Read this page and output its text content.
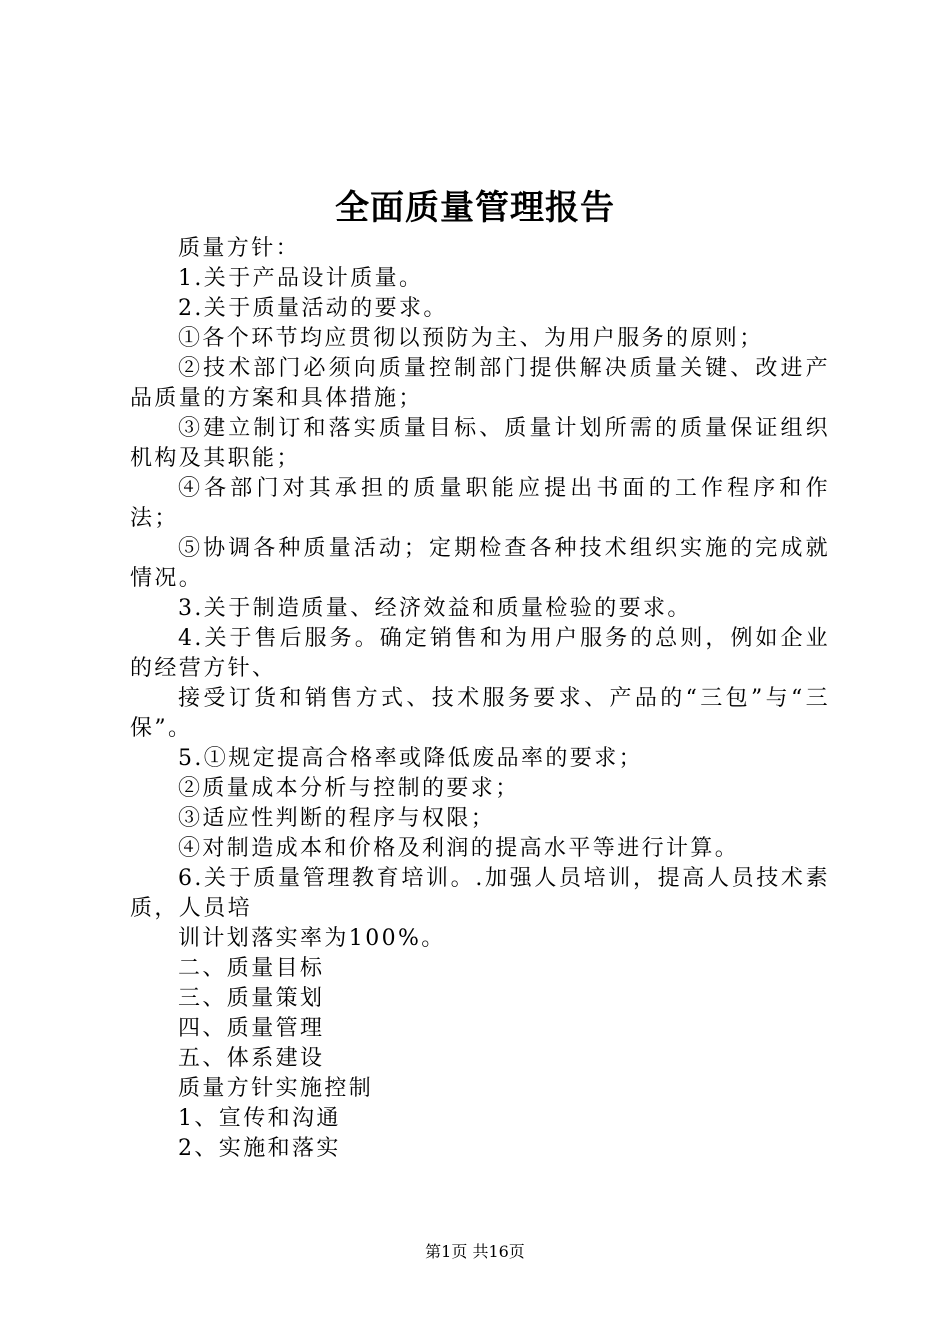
全面质量管理报告

质量方针：

1.关于产品设计质量。

2.关于质量活动的要求。

①各个环节均应贯彻以预防为主、为用户服务的原则；

②技术部门必须向质量控制部门提供解决质量关键、改进产品质量的方案和具体措施；

③建立制订和落实质量目标、质量计划所需的质量保证组织机构及其职能；

④各部门对其承担的质量职能应提出书面的工作程序和作法；

⑤协调各种质量活动；定期检查各种技术组织实施的完成就情况。

3.关于制造质量、经济效益和质量检验的要求。

4.关于售后服务。确定销售和为用户服务的总则，例如企业的经营方针、

接受订货和销售方式、技术服务要求、产品的“三包”与“三保”。

5.①规定提高合格率或降低废品率的要求；

②质量成本分析与控制的要求；

③适应性判断的程序与权限；

④对制造成本和价格及利润的提高水平等进行计算。

6.关于质量管理教育培训。.加强人员培训，提高人员技术素质，人员培

训计划落实率为100%。

二、质量目标

三、质量策划

四、质量管理

五、体系建设

质量方针实施控制

1、宣传和沟通

2、实施和落实

第1页 共16页
